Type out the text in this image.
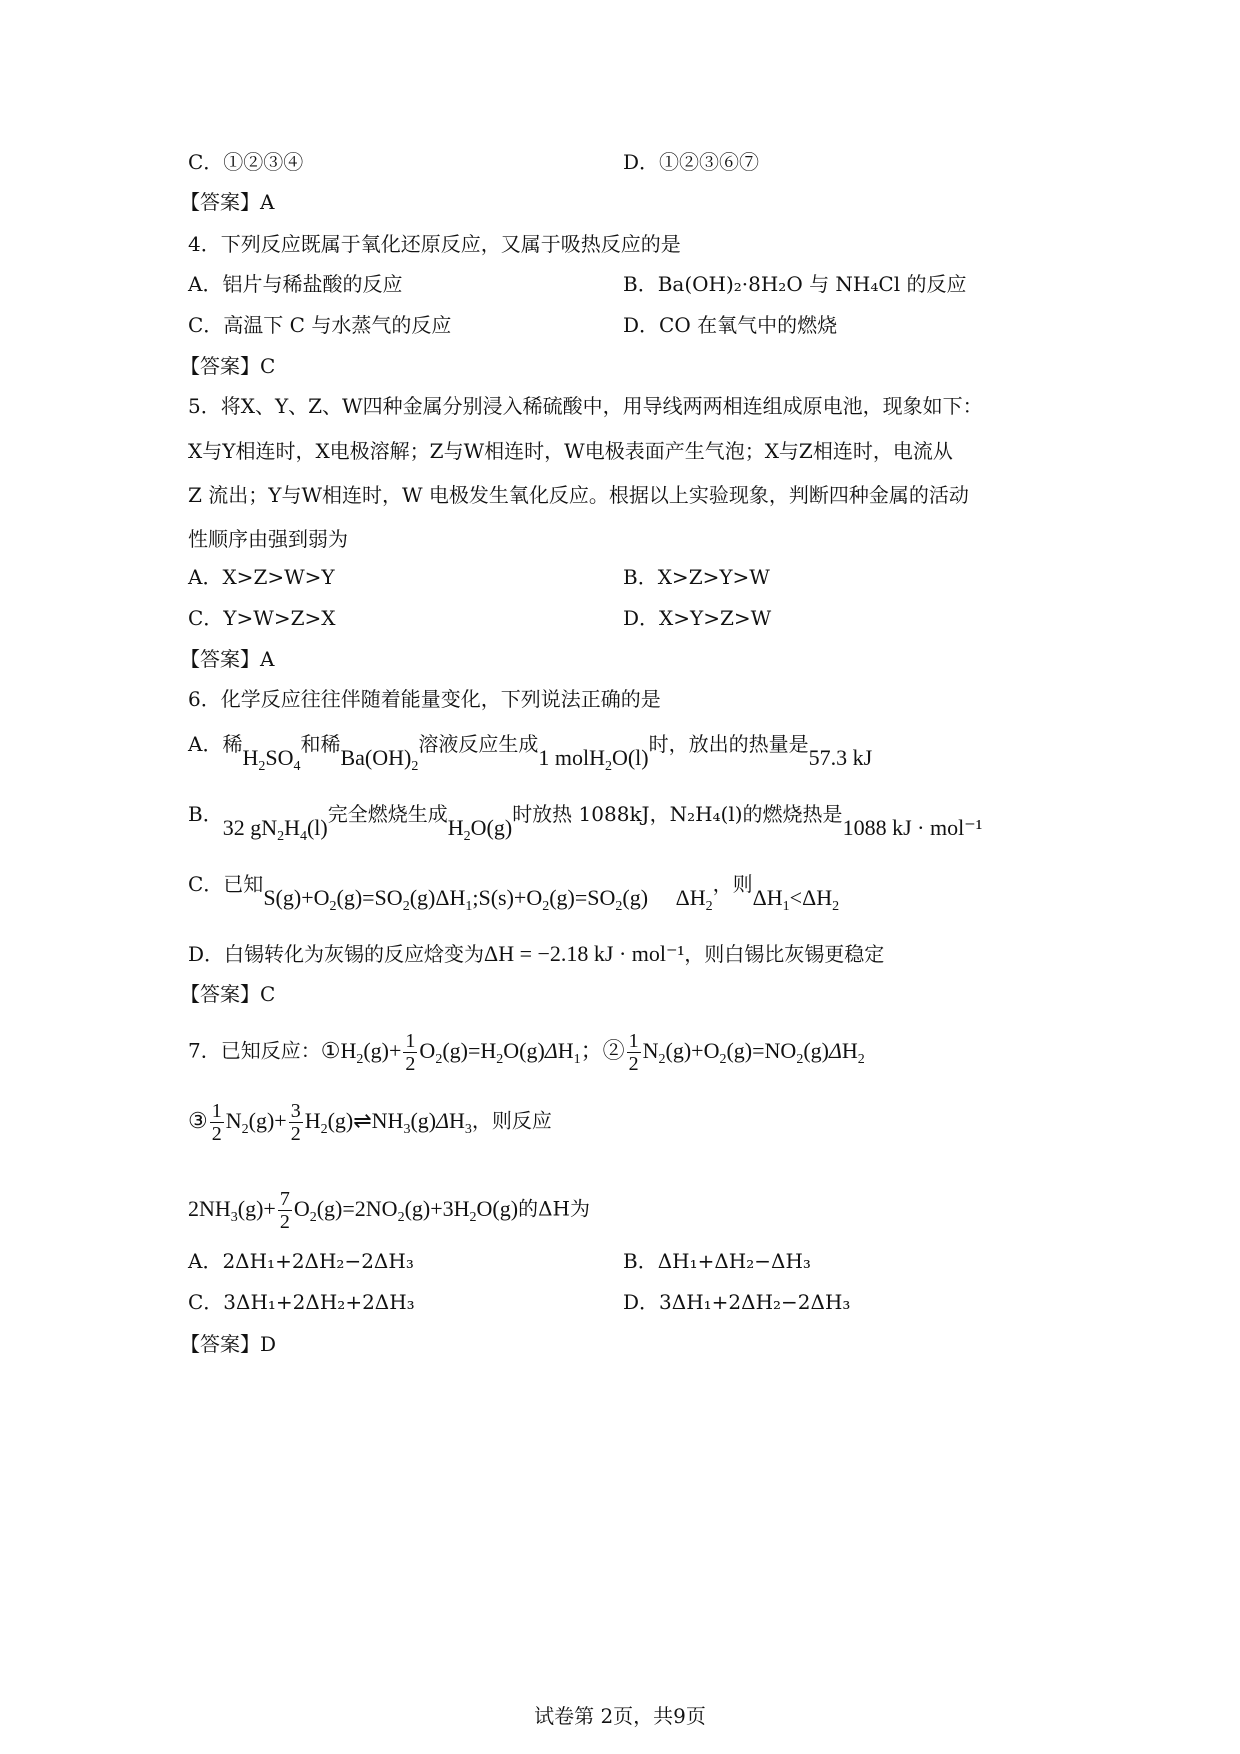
C．①②③④	D．①②③⑥⑦
【答案】A
4．下列反应既属于氧化还原反应，又属于吸热反应的是
A．铝片与稀盐酸的反应	B．Ba(OH)₂·8H₂O 与 NH₄Cl 的反应
C．高温下 C 与水蒸气的反应	D．CO 在氧气中的燃烧
【答案】C
5．将X、Y、Z、W四种金属分别浸入稀硫酸中，用导线两两相连组成原电池，现象如下：
X与Y相连时，X电极溶解；Z与W相连时，W电极表面产生气泡；X与Z相连时，电流从
Z 流出；Y与W相连时，W 电极发生氧化反应。根据以上实验现象，判断四种金属的活动
性顺序由强到弱为
A．X>Z>W>Y	B．X>Z>Y>W
C．Y>W>Z>X	D．X>Y>Z>W
【答案】A
6．化学反应往往伴随着能量变化，下列说法正确的是
A．稀$H_2SO_4$和稀$Ba(OH)_2$溶液反应生成1 molH$_2$O(l)时，放出的热量是57.3 kJ
B．32 $gN_2H_4(l)$完全燃烧生成$H_2O(g)$时放热 1088kJ，N₂H₄(l)的燃烧热是1088 kJ · mol⁻¹
C．已知$S(g)+O_2(g)=SO_2(g)\Delta H_1;S(s)+O_2(g)=SO_2(g)$     $\Delta H_2$，则$\Delta H_1<\Delta H_2$
D．白锡转化为灰锡的反应焓变为ΔH = −2.18 kJ · mol⁻¹，则白锡比灰锡更稳定
【答案】C
7．已知反应：$①H_2(g)+ \frac{1}{2} O_2(g)=H_2O(g)\Delta H_1$；② $\frac{1}{2} N_2(g)+O_2(g)=NO_2(g)\Delta H_2$
③ $\frac{1}{2} N_2(g)+ \frac{3}{2}$ $H_2(g)\rightleftharpoons NH_3(g)\Delta H_3$，则反应
$2NH_3(g)+ \frac{7}{2} O_2(g)=2NO_2(g)+3H_2O(g)$的ΔH为
A．2ΔH₁+2ΔH₂−2ΔH₃	B．ΔH₁+ΔH₂−ΔH₃
C．3ΔH₁+2ΔH₂+2ΔH₃	D．3ΔH₁+2ΔH₂−2ΔH₃
【答案】D
试卷第 2页，共9页
